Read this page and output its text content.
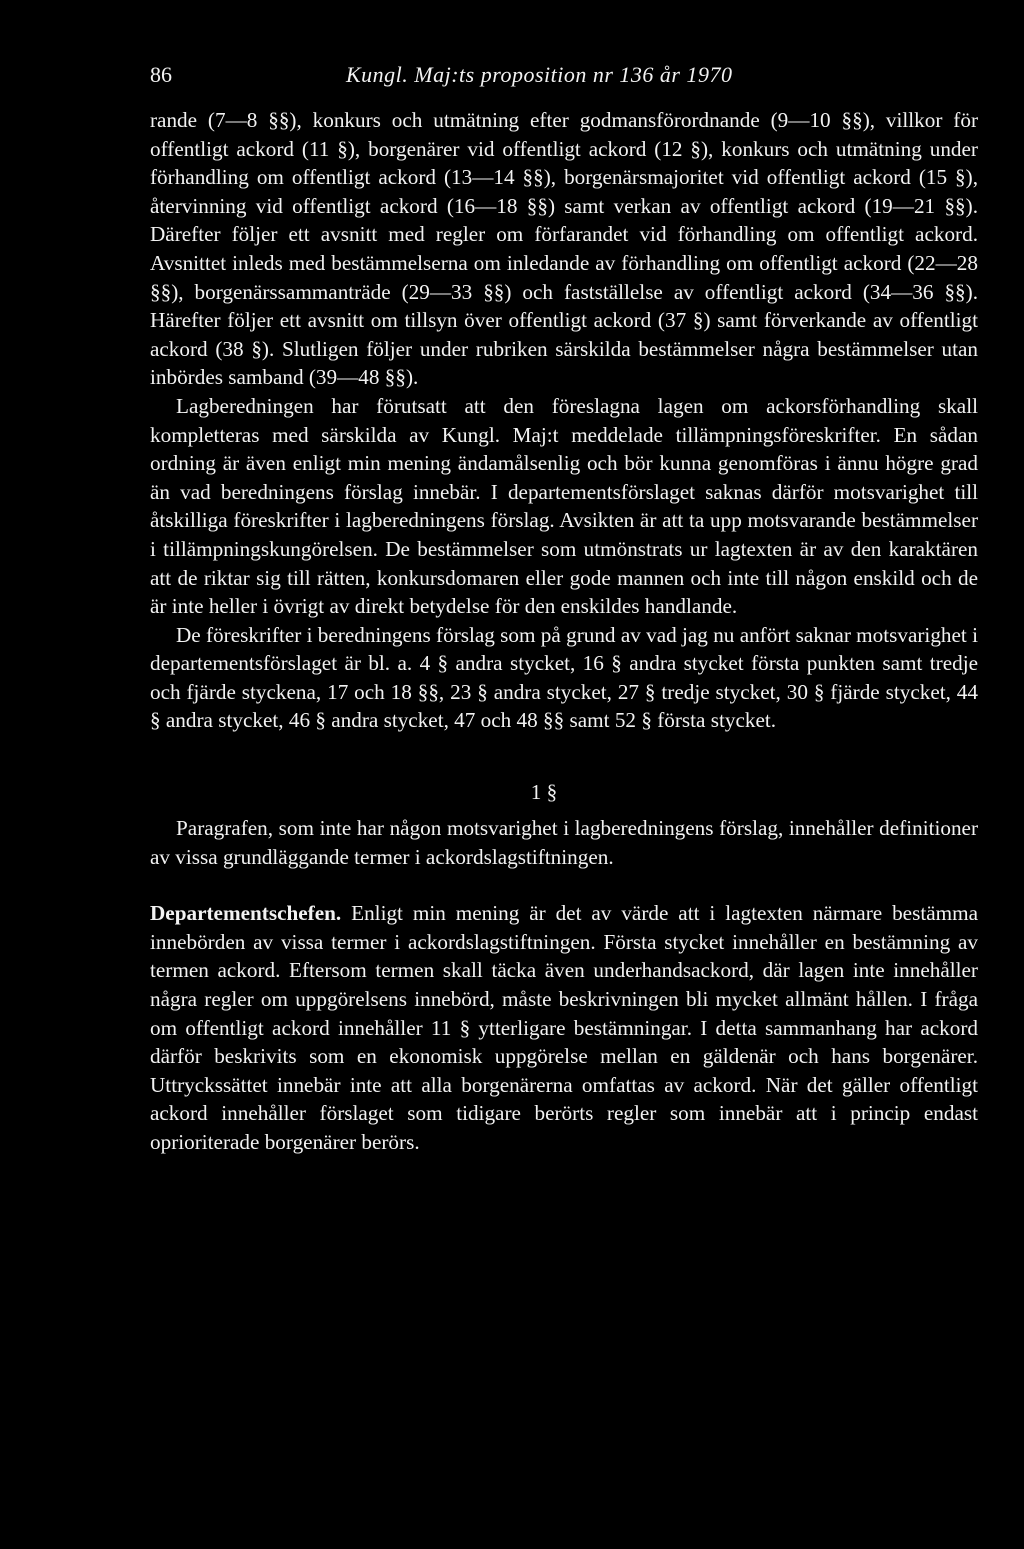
86	Kungl. Maj:ts proposition nr 136 år 1970

rande (7—8 §§), konkurs och utmätning efter godmansförordnande (9—10 §§), villkor för offentligt ackord (11 §), borgenärer vid offentligt ackord (12 §), konkurs och utmätning under förhandling om offentligt ackord (13—14 §§), borgenärsmajoritet vid offentligt ackord (15 §), återvinning vid offentligt ackord (16—18 §§) samt verkan av offentligt ackord (19—21 §§). Därefter följer ett avsnitt med regler om förfarandet vid förhandling om offentligt ackord. Avsnittet inleds med bestämmelserna om inledande av förhandling om offentligt ackord (22—28 §§), borgenärssammanträde (29—33 §§) och fastställelse av offentligt ackord (34—36 §§). Härefter följer ett avsnitt om tillsyn över offentligt ackord (37 §) samt förverkande av offentligt ackord (38 §). Slutligen följer under rubriken särskilda bestämmelser några bestämmelser utan inbördes samband (39—48 §§).

Lagberedningen har förutsatt att den föreslagna lagen om ackorsförhandling skall kompletteras med särskilda av Kungl. Maj:t meddelade tillämpningsföreskrifter. En sådan ordning är även enligt min mening ändamålsenlig och bör kunna genomföras i ännu högre grad än vad beredningens förslag innebär. I departementsförslaget saknas därför motsvarighet till åtskilliga föreskrifter i lagberedningens förslag. Avsikten är att ta upp motsvarande bestämmelser i tillämpningskungörelsen. De bestämmelser som utmönstrats ur lagtexten är av den karaktären att de riktar sig till rätten, konkursdomaren eller gode mannen och inte till någon enskild och de är inte heller i övrigt av direkt betydelse för den enskildes handlande.

De föreskrifter i beredningens förslag som på grund av vad jag nu anfört saknar motsvarighet i departementsförslaget är bl. a. 4 § andra stycket, 16 § andra stycket första punkten samt tredje och fjärde styckena, 17 och 18 §§, 23 § andra stycket, 27 § tredje stycket, 30 § fjärde stycket, 44 § andra stycket, 46 § andra stycket, 47 och 48 §§ samt 52 § första stycket.

1 §

Paragrafen, som inte har någon motsvarighet i lagberedningens förslag, innehåller definitioner av vissa grundläggande termer i ackordslagstiftningen.

Departementschefen. Enligt min mening är det av värde att i lagtexten närmare bestämma innebörden av vissa termer i ackordslagstiftningen. Första stycket innehåller en bestämning av termen ackord. Eftersom termen skall täcka även underhandsackord, där lagen inte innehåller några regler om uppgörelsens innebörd, måste beskrivningen bli mycket allmänt hållen. I fråga om offentligt ackord innehåller 11 § ytterligare bestämningar. I detta sammanhang har ackord därför beskrivits som en ekonomisk uppgörelse mellan en gäldenär och hans borgenärer. Uttryckssättet innebär inte att alla borgenärerna omfattas av ackord. När det gäller offentligt ackord innehåller förslaget som tidigare berörts regler som innebär att i princip endast oprioriterade borgenärer berörs.
